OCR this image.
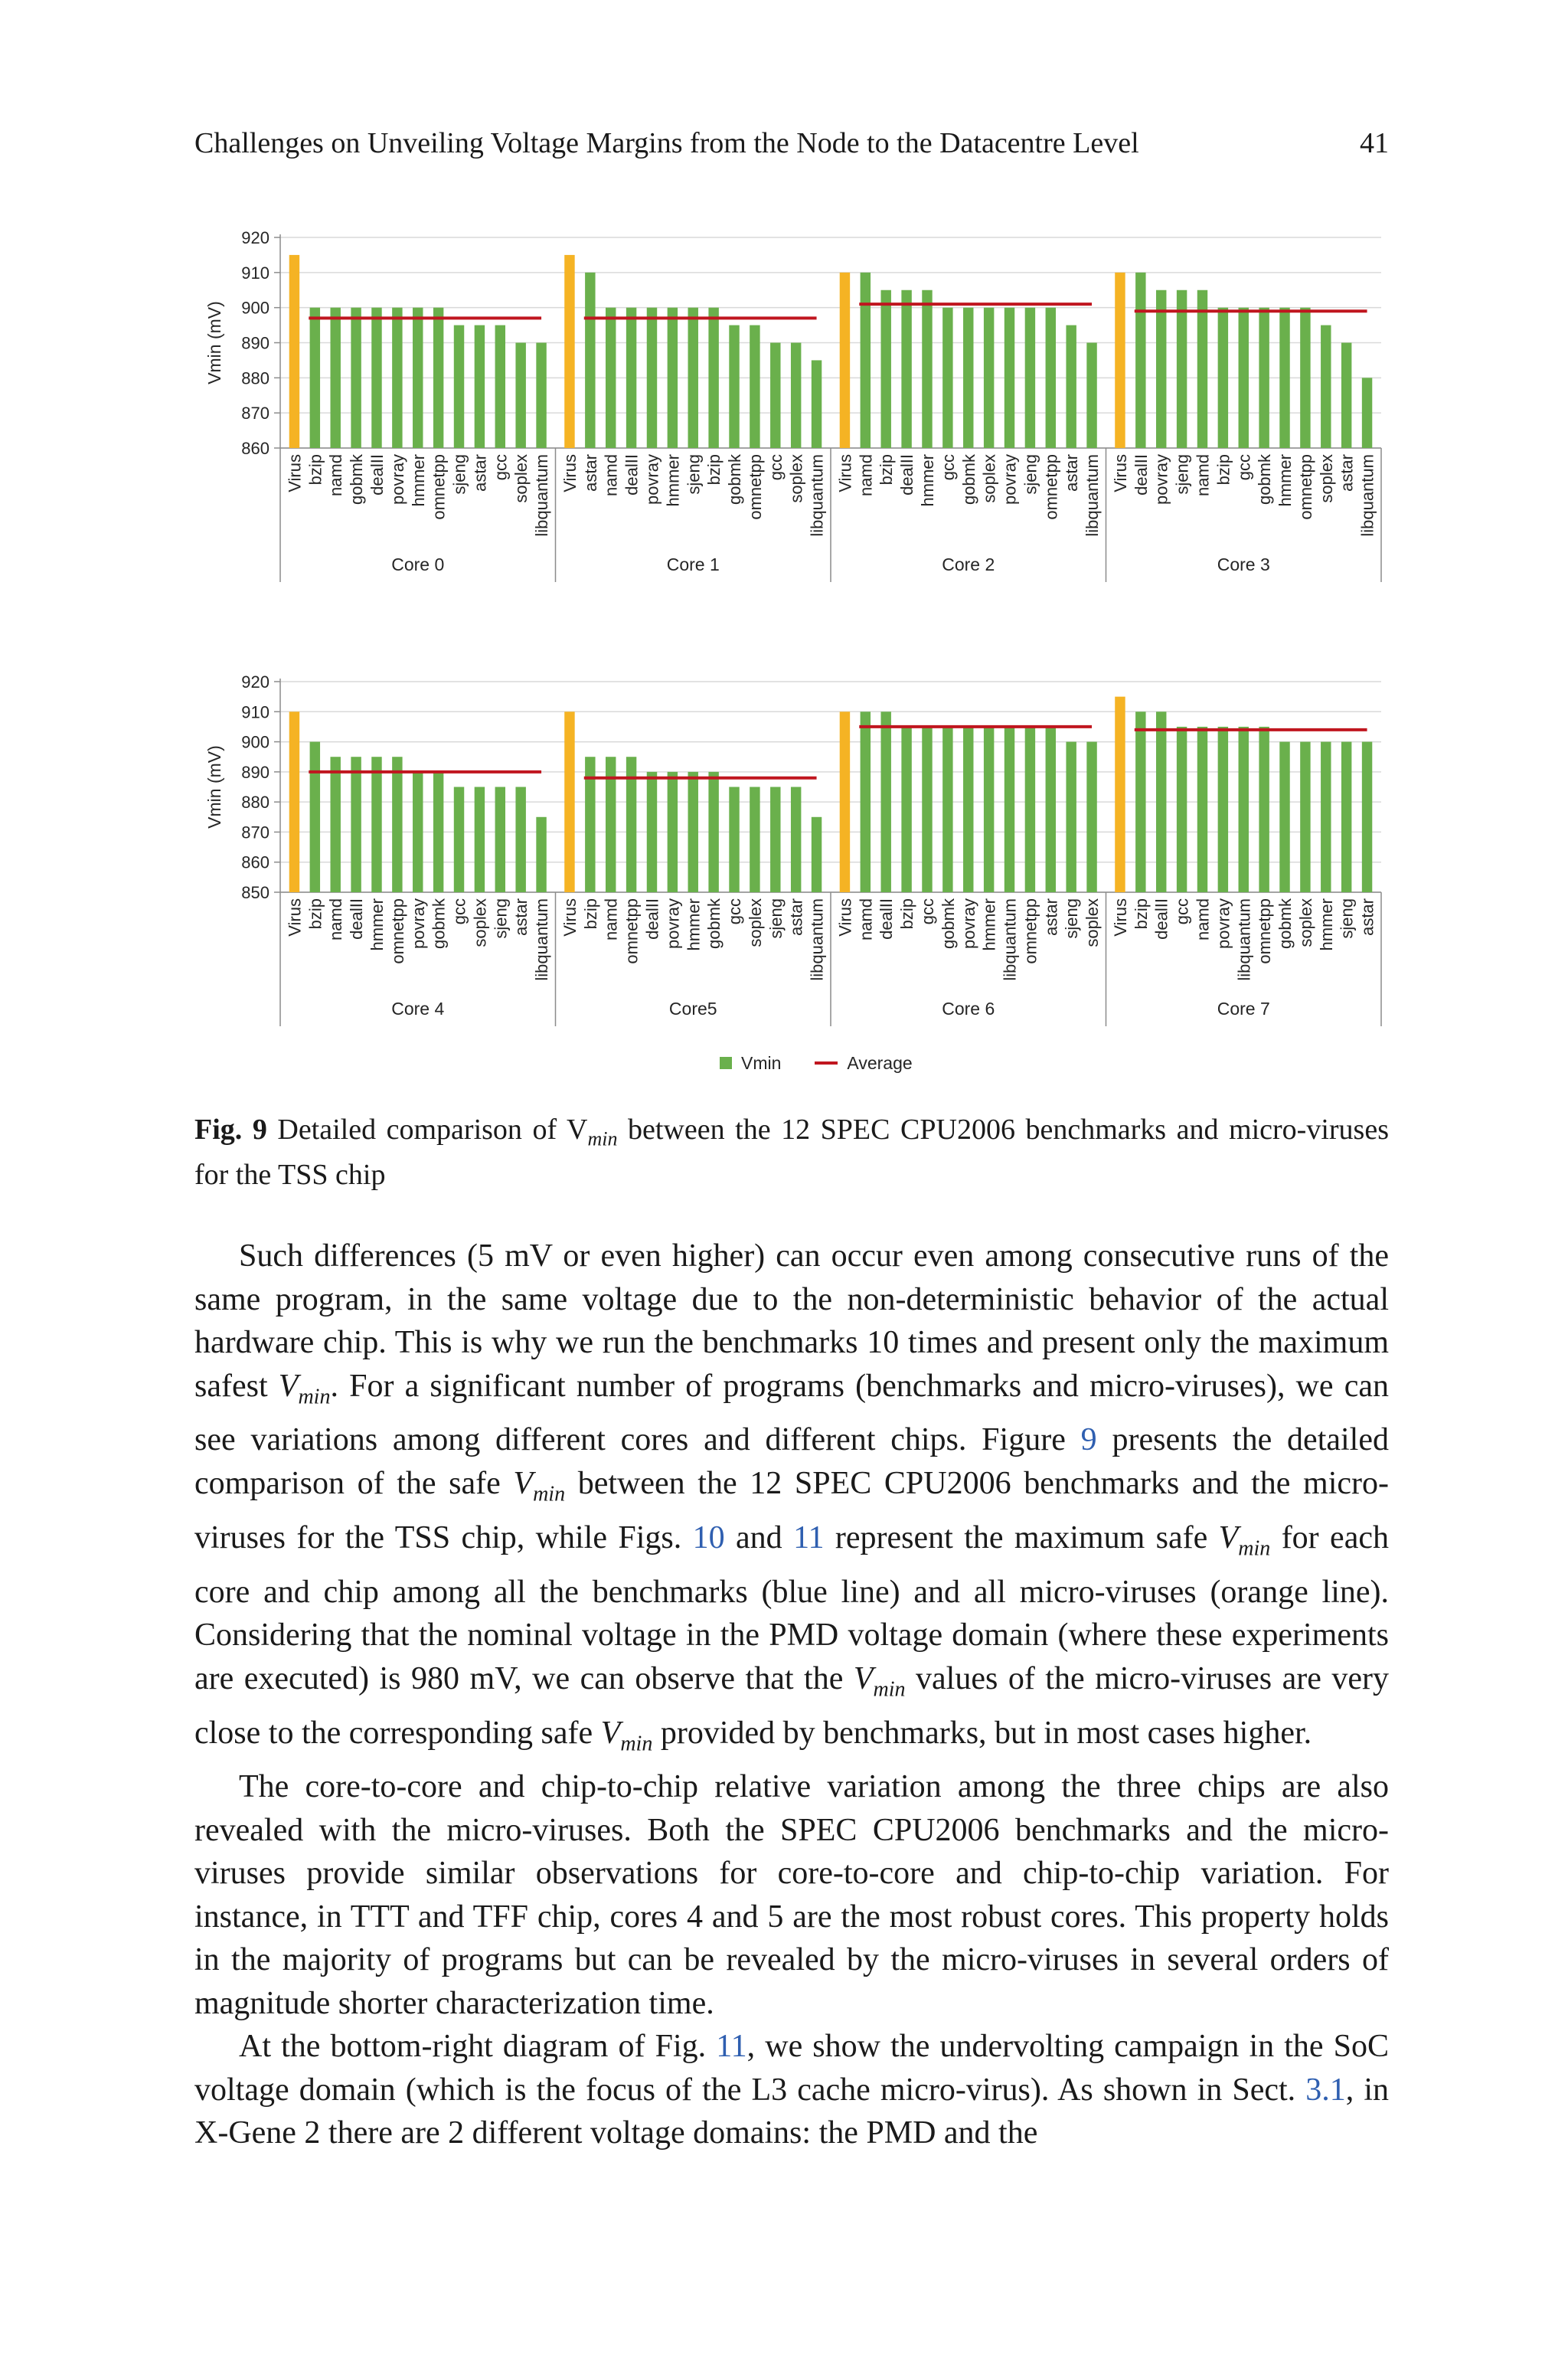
Challenges on Unveiling Voltage Margins from the Node to the Datacentre Level	41
860
870
880
890
900
910
920
Vmin (mV)
Virus bzip namd gobmk dealII povray hmmer omnetpp sjeng astar gcc soplex libquantum
Core 0
Virus astar namd dealII povray hmmer sjeng bzip gobmk omnetpp gcc soplex libquantum
Core 1
Virus namd bzip dealII hmmer gcc gobmk soplex povray sjeng omnetpp astar libquantum
Core 2
Virus dealII povray sjeng namd bzip gcc gobmk hmmer omnetpp soplex astar libquantum
Core 3
850
860
870
880
890
900
910
920
Vmin (mV)
Virus bzip namd dealII hmmer omnetpp povray gobmk gcc soplex sjeng astar libquantum
Core 4
Virus bzip namd omnetpp dealII povray hmmer gobmk gcc soplex sjeng astar libquantum
Core5
Virus namd dealII bzip gcc gobmk povray hmmer libquantum omnetpp astar sjeng soplex
Core 6
Virus bzip dealII gcc namd povray libquantum omnetpp gobmk soplex hmmer sjeng astar
Core 7
Vmin	Average
Fig. 9 Detailed comparison of $V_{min}$ between the 12 SPEC CPU2006 benchmarks and micro-viruses for the TSS chip

Such differences (5 mV or even higher) can occur even among consecutive runs of the same program, in the same voltage due to the non-deterministic behavior of the actual hardware chip. This is why we run the benchmarks 10 times and present only the maximum safest $V_{min}$. For a significant number of programs (benchmarks and micro-viruses), we can see variations among different cores and different chips. Figure 9 presents the detailed comparison of the safe $V_{min}$ between the 12 SPEC CPU2006 benchmarks and the micro-viruses for the TSS chip, while Figs. 10 and 11 represent the maximum safe $V_{min}$ for each core and chip among all the benchmarks (blue line) and all micro-viruses (orange line). Considering that the nominal voltage in the PMD voltage domain (where these experiments are executed) is 980 mV, we can observe that the $V_{min}$ values of the micro-viruses are very close to the corresponding safe $V_{min}$ provided by benchmarks, but in most cases higher.

The core-to-core and chip-to-chip relative variation among the three chips are also revealed with the micro-viruses. Both the SPEC CPU2006 benchmarks and the micro-viruses provide similar observations for core-to-core and chip-to-chip variation. For instance, in TTT and TFF chip, cores 4 and 5 are the most robust cores. This property holds in the majority of programs but can be revealed by the micro-viruses in several orders of magnitude shorter characterization time.

At the bottom-right diagram of Fig. 11, we show the undervolting campaign in the SoC voltage domain (which is the focus of the L3 cache micro-virus). As shown in Sect. 3.1, in X-Gene 2 there are 2 different voltage domains: the PMD and the
